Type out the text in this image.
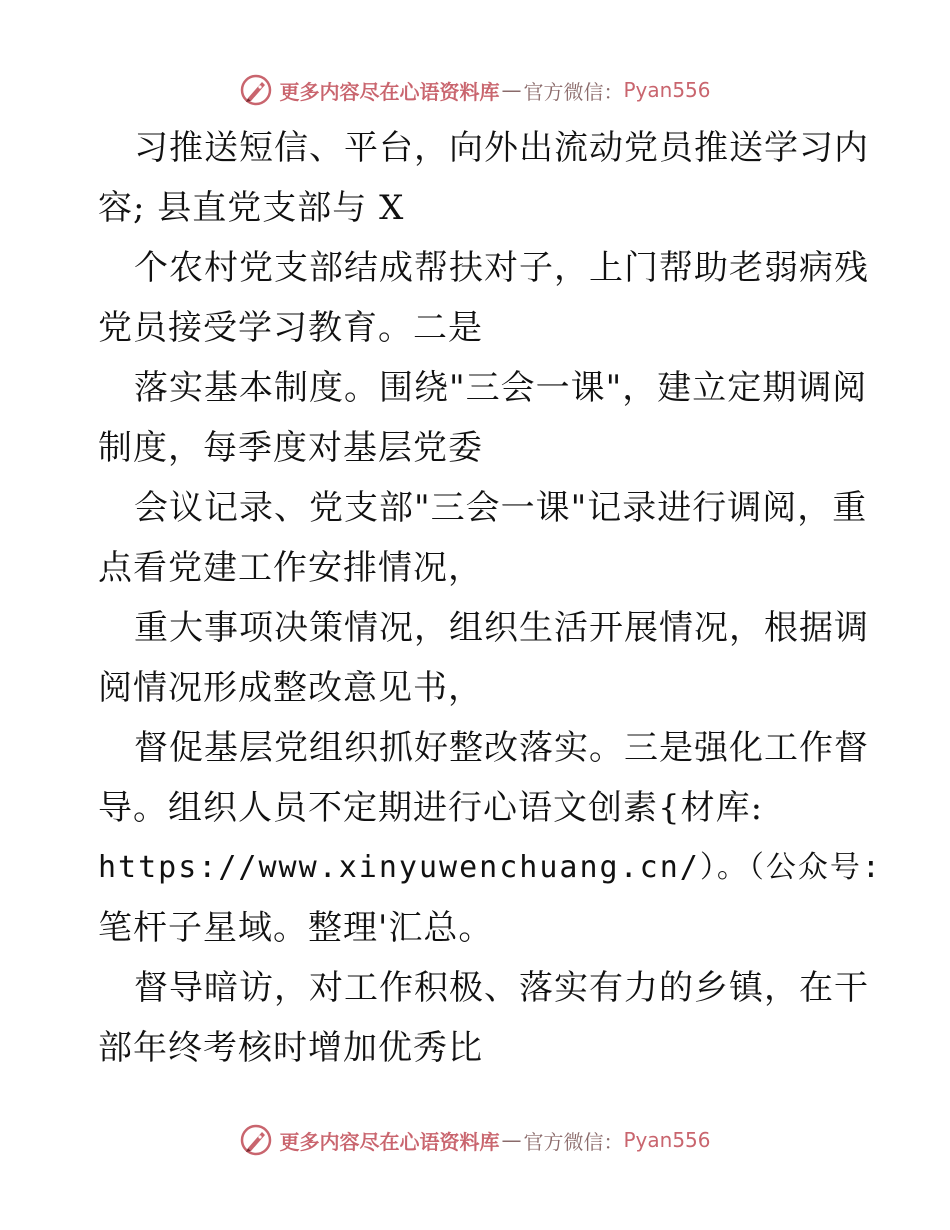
更多内容尽在心语资料库 — 官方微信： Pyan556
习推送短信、平台，向外出流动党员推送学习内
容; 县直党支部与 X
个农村党支部结成帮扶对子，上门帮助老弱病残
党员接受学习教育。二是
落实基本制度。围绕"三会一课"，建立定期调阅
制度，每季度对基层党委
会议记录、党支部"三会一课"记录进行调阅，重
点看党建工作安排情况，
重大事项决策情况，组织生活开展情况，根据调
阅情况形成整改意见书，
督促基层党组织抓好整改落实。三是强化工作督
导。组织人员不定期进行心语文创素{材库:
https://www.xinyuwenchuang.cn/）。（公众号:
笔杆子星域。整理'汇总。
督导暗访，对工作积极、落实有力的乡镇，在干
部年终考核时增加优秀比
更多内容尽在心语资料库 — 官方微信： Pyan556
